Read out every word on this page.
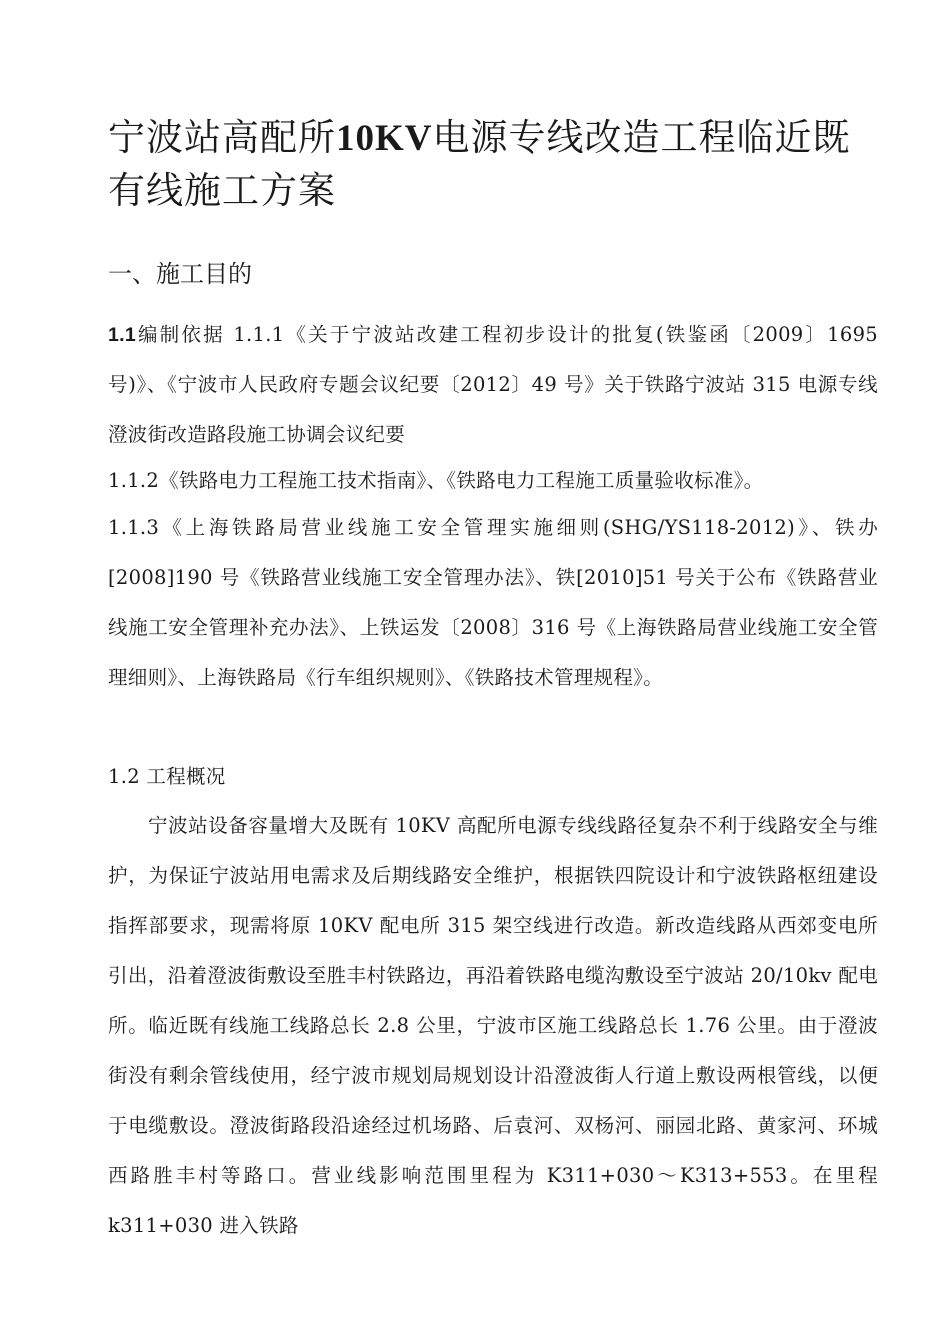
宁波站高配所10KV电源专线改造工程临近既有线施工方案
一、施工目的
1.1编制依据 1.1.1《关于宁波站改建工程初步设计的批复(铁鉴函〔2009〕1695 号)》、《宁波市人民政府专题会议纪要〔2012〕49 号》关于铁路宁波站 315 电源专线澄波街改造路段施工协调会议纪要
1.1.2《铁路电力工程施工技术指南》、《铁路电力工程施工质量验收标准》。
1.1.3《上海铁路局营业线施工安全管理实施细则(SHG/YS118-2012)》、铁办[2008]190 号《铁路营业线施工安全管理办法》、铁[2010]51 号关于公布《铁路营业线施工安全管理补充办法》、上铁运发〔2008〕316 号《上海铁路局营业线施工安全管理细则》、上海铁路局《行车组织规则》、《铁路技术管理规程》。
1.2 工程概况
宁波站设备容量增大及既有 10KV 高配所电源专线线路径复杂不利于线路安全与维护，为保证宁波站用电需求及后期线路安全维护，根据铁四院设计和宁波铁路枢纽建设指挥部要求，现需将原 10KV 配电所 315 架空线进行改造。新改造线路从西郊变电所引出，沿着澄波街敷设至胜丰村铁路边，再沿着铁路电缆沟敷设至宁波站 20/10kv 配电所。临近既有线施工线路总长 2.8 公里，宁波市区施工线路总长 1.76 公里。由于澄波街没有剩余管线使用，经宁波市规划局规划设计沿澄波街人行道上敷设两根管线，以便于电缆敷设。澄波街路段沿途经过机场路、后袁河、双杨河、丽园北路、黄家河、环城西路胜丰村等路口。营业线影响范围里程为 K311+030～K313+553。在里程 k311+030 进入铁路
